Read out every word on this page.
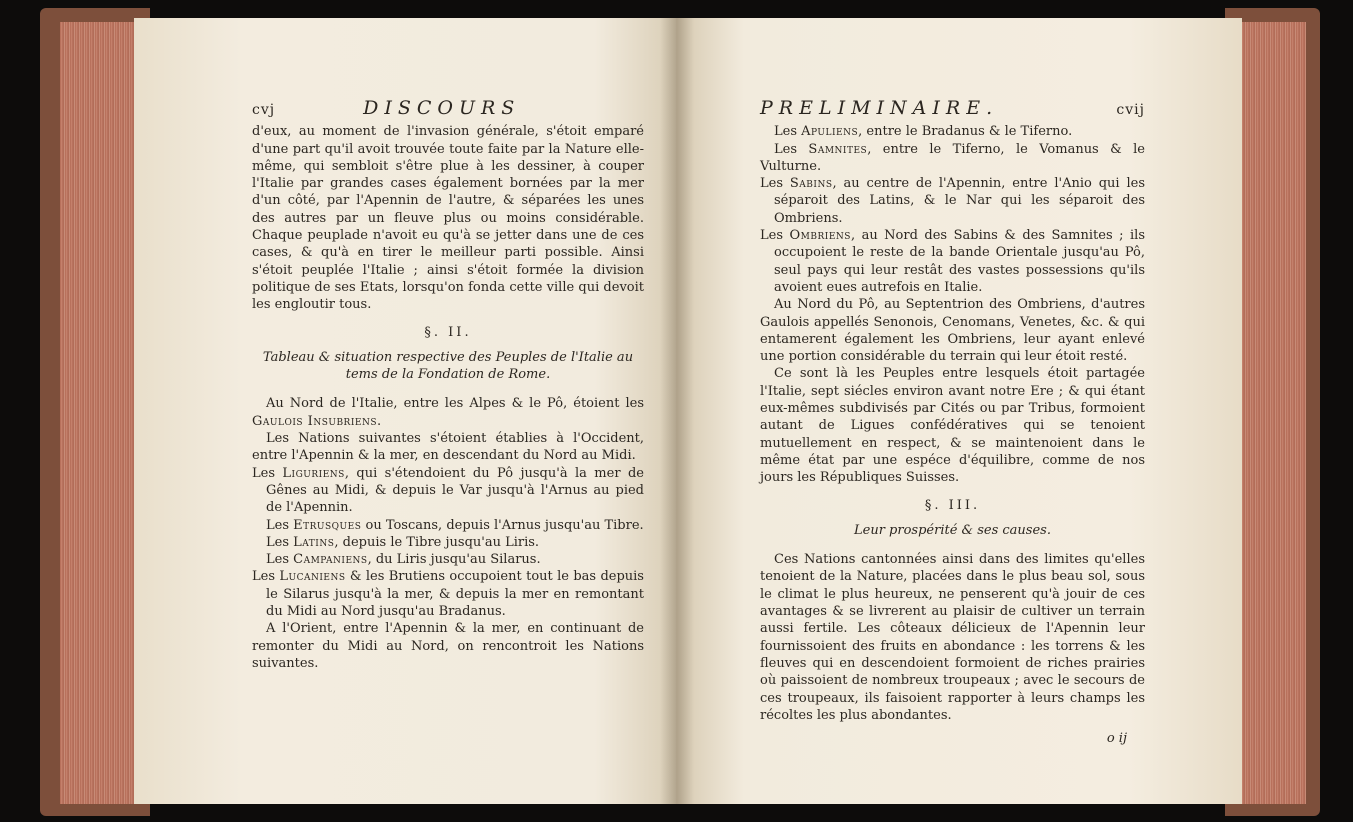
cvj	DISCOURS

d'eux, au moment de l'invasion générale, s'étoit emparé d'une part qu'il avoit trouvée toute faite par la Nature elle-même, qui sembloit s'être plue à les dessiner, à couper l'Italie par grandes cases également bornées par la mer d'un côté, par l'Apennin de l'autre, & séparées les unes des autres par un fleuve plus ou moins considérable. Chaque peuplade n'avoit eu qu'à se jetter dans une de ces cases, & qu'à en tirer le meilleur parti possible. Ainsi s'étoit peuplée l'Italie ; ainsi s'étoit formée la division politique de ses Etats, lorsqu'on fonda cette ville qui devoit les engloutir tous.

§. II.
Tableau & situation respective des Peuples de l'Italie au tems de la Fondation de Rome.

Au Nord de l'Italie, entre les Alpes & le Pô, étoient les Gaulois Insubriens.

Les Nations suivantes s'étoient établies à l'Occident, entre l'Apennin & la mer, en descendant du Nord au Midi.

Les Liguriens, qui s'étendoient du Pô jusqu'à la mer de Gênes au Midi, & depuis le Var jusqu'à l'Arnus au pied de l'Apennin.

Les Etrusques ou Toscans, depuis l'Arnus jusqu'au Tibre.

Les Latins, depuis le Tibre jusqu'au Liris.

Les Campaniens, du Liris jusqu'au Silarus.

Les Lucaniens & les Brutiens occupoient tout le bas depuis le Silarus jusqu'à la mer, & depuis la mer en remontant du Midi au Nord jusqu'au Bradanus.

A l'Orient, entre l'Apennin & la mer, en continuant de remonter du Midi au Nord, on rencontroit les Nations suivantes.

PRELIMINAIRE.	cvij

Les Apuliens, entre le Bradanus & le Tiferno.

Les Samnites, entre le Tiferno, le Vomanus & le Vulturne.

Les Sabins, au centre de l'Apennin, entre l'Anio qui les séparoit des Latins, & le Nar qui les séparoit des Ombriens.

Les Ombriens, au Nord des Sabins & des Samnites ; ils occupoient le reste de la bande Orientale jusqu'au Pô, seul pays qui leur restât des vastes possessions qu'ils avoient eues autrefois en Italie.

Au Nord du Pô, au Septentrion des Ombriens, d'autres Gaulois appellés Senonois, Cenomans, Venetes, &c. & qui entamerent également les Ombriens, leur ayant enlevé une portion considérable du terrain qui leur étoit resté.

Ce sont là les Peuples entre lesquels étoit partagée l'Italie, sept siécles environ avant notre Ere ; & qui étant eux-mêmes subdivisés par Cités ou par Tribus, formoient autant de Ligues confédératives qui se tenoient mutuellement en respect, & se maintenoient dans le même état par une espéce d'équilibre, comme de nos jours les Républiques Suisses.

§. III.
Leur prospérité & ses causes.

Ces Nations cantonnées ainsi dans des limites qu'elles tenoient de la Nature, placées dans le plus beau sol, sous le climat le plus heureux, ne penserent qu'à jouir de ces avantages & se livrerent au plaisir de cultiver un terrain aussi fertile. Les côteaux délicieux de l'Apennin leur fournissoient des fruits en abondance : les torrens & les fleuves qui en descendoient formoient de riches prairies où paissoient de nombreux troupeaux ; avec le secours de ces troupeaux, ils faisoient rapporter à leurs champs les récoltes les plus abondantes.

o ij
